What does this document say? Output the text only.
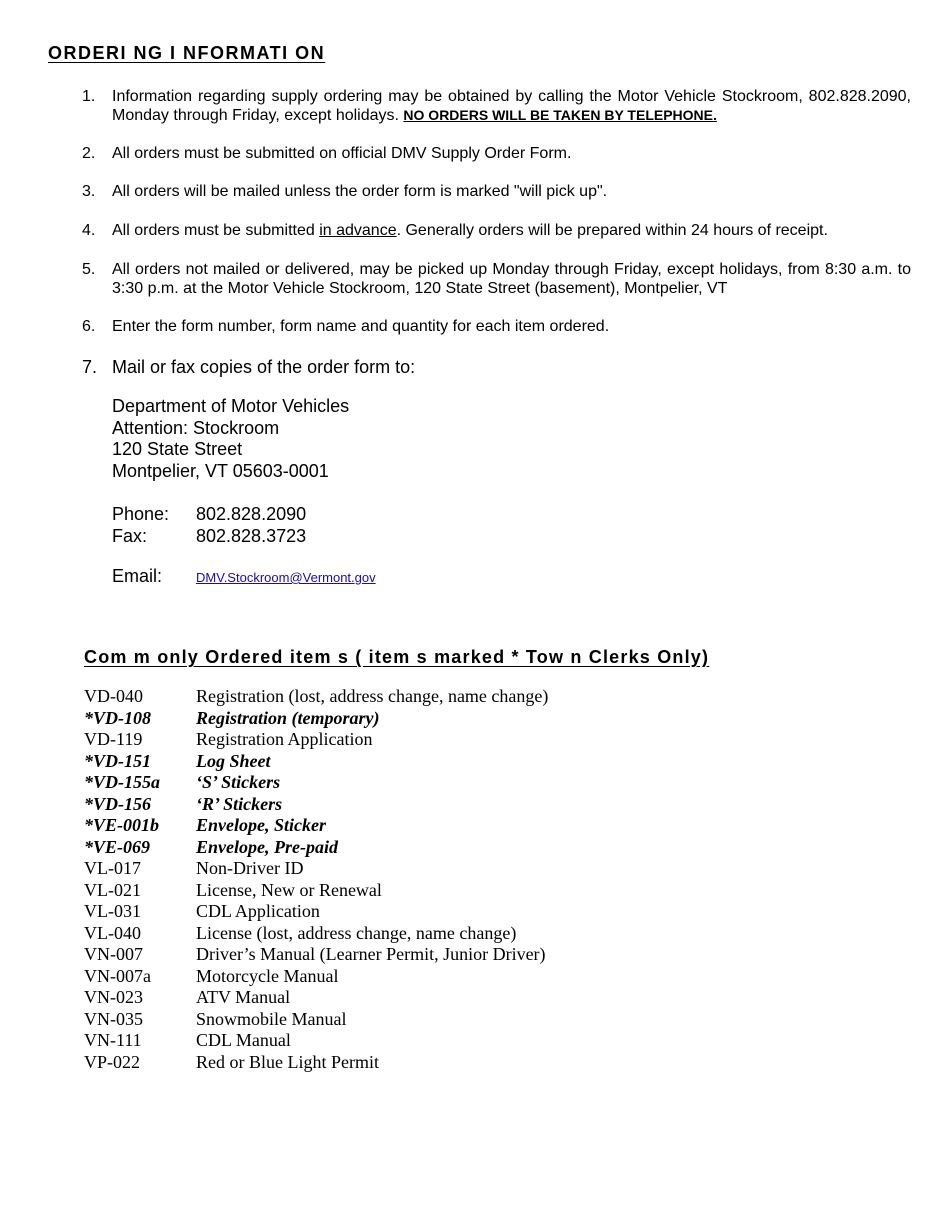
ORDERI NG I NFORMATI ON
1.	Information regarding supply ordering may be obtained by calling the Motor Vehicle Stockroom, 802.828.2090, Monday through Friday, except holidays. NO ORDERS WILL BE TAKEN BY TELEPHONE.
2.	All orders must be submitted on official DMV Supply Order Form.
3.	All orders will be mailed unless the order form is marked "will pick up".
4.	All orders must be submitted in advance. Generally orders will be prepared within 24 hours of receipt.
5.	All orders not mailed or delivered, may be picked up Monday through Friday, except holidays, from 8:30 a.m. to 3:30 p.m. at the Motor Vehicle Stockroom, 120 State Street (basement), Montpelier, VT
6.	Enter the form number, form name and quantity for each item ordered.
7. Mail or fax copies of the order form to:
Department of Motor Vehicles
Attention: Stockroom
120 State Street
Montpelier, VT 05603-0001
Phone: 802.828.2090
Fax:	802.828.3723
Email:	DMV.Stockroom@Vermont.gov
Com m only Ordered item s ( item s marked * Tow n Clerks Only)
VD-040	Registration (lost, address change, name change)
*VD-108	Registration (temporary)
VD-119	Registration Application
*VD-151	Log Sheet
*VD-155a ‘S’ Stickers
*VD-156	‘R’ Stickers
*VE-001b Envelope, Sticker
*VE-069	Envelope, Pre-paid
VL-017	Non-Driver ID
VL-021	License, New or Renewal
VL-031	CDL Application
VL-040	License (lost, address change, name change)
VN-007	Driver’s Manual (Learner Permit, Junior Driver)
VN-007a	Motorcycle Manual
VN-023	ATV Manual
VN-035	Snowmobile Manual
VN-111	CDL Manual
VP-022	Red or Blue Light Permit
